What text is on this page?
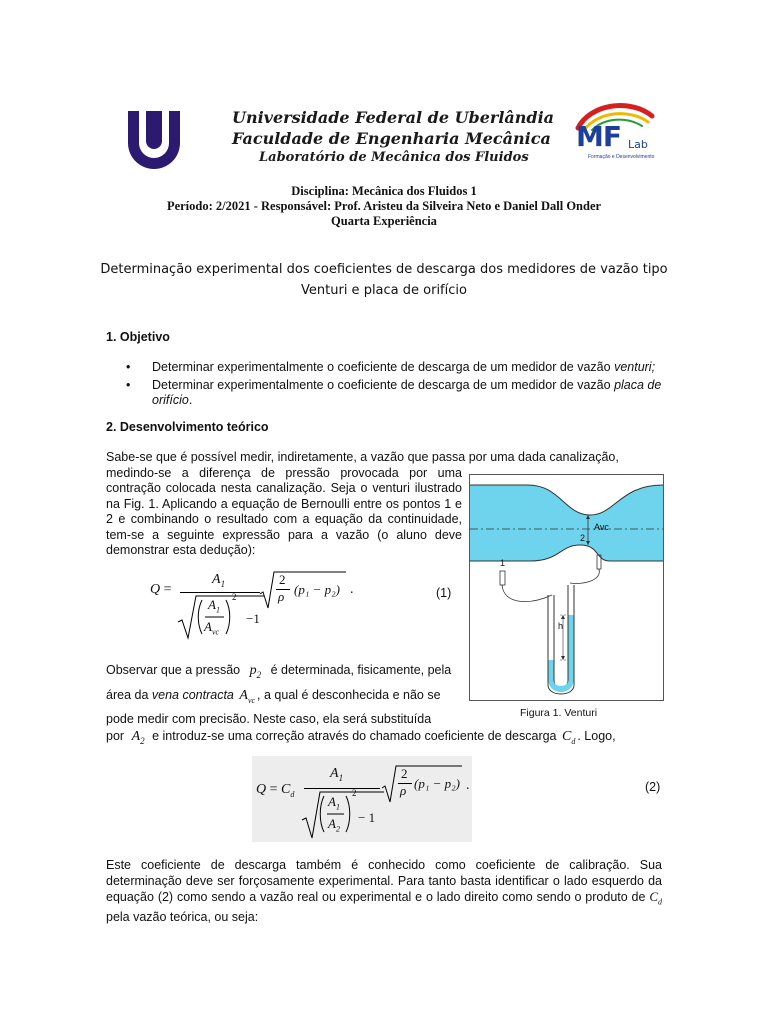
Universidade Federal de Uberlândia
Faculdade de Engenharia Mecânica
Laboratório de Mecânica dos Fluidos
MF Lab
Formação e Desenvolvimento
Disciplina: Mecânica dos Fluidos 1
Período: 2/2021 - Responsável: Prof. Aristeu da Silveira Neto e Daniel Dall Onder
Quarta Experiência
Determinação experimental dos coeficientes de descarga dos medidores de vazão tipo
Venturi e placa de orifício
1. Objetivo
• Determinar experimentalmente o coeficiente de descarga de um medidor de vazão venturi;
• Determinar experimentalmente o coeficiente de descarga de um medidor de vazão placa de orifício.
2. Desenvolvimento teórico
Sabe-se que é possível medir, indiretamente, a vazão que passa por uma dada canalização,
medindo-se a diferença de pressão provocada por uma contração colocada nesta canalização. Seja o venturi ilustrado na Fig. 1. Aplicando a equação de Bernoulli entre os pontos 1 e 2 e combinando o resultado com a equação da continuidade, tem-se a seguinte expressão para a vazão (o aluno deve demonstrar esta dedução):
Q =
$A_1$
$A_1$
$A_{vc}$
2
−1
2
ρ (p₁ − p₂) .	(1)
1
2
Avc
h
Figura 1. Venturi
Observar que a pressão $p_2$ é determinada, fisicamente, pela
área da vena contracta $A_{vc}$ , a qual é desconhecida e não se
pode medir com precisão. Neste caso, ela será substituída
por $A_2$ e introduz-se uma correção através do chamado coeficiente de descarga $C_d$ . Logo,
$Q = C_d$
$A_1$
$A_1$
$A_2$
2
− 1
2
ρ (p₁ − p₂) .	(2)
Este coeficiente de descarga também é conhecido como coeficiente de calibração. Sua determinação deve ser forçosamente experimental. Para tanto basta identificar o lado esquerdo da equação (2) como sendo a vazão real ou experimental e o lado direito como sendo o produto de $C_d$ pela vazão teórica, ou seja:
